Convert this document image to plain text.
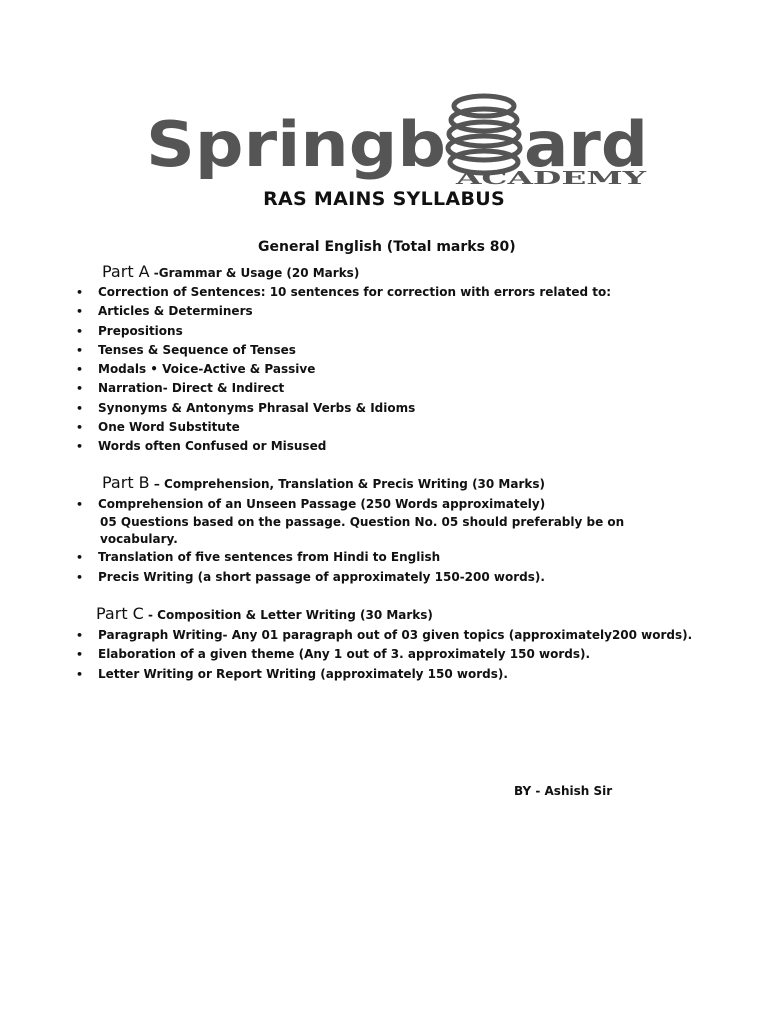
Springb ard
ACADEMY
RAS MAINS SYLLABUS
General English (Total marks 80)
Part A -Grammar & Usage (20 Marks)
• Correction of Sentences: 10 sentences for correction with errors related to:
• Articles & Determiners
• Prepositions
• Tenses & Sequence of Tenses
• Modals • Voice-Active & Passive
• Narration- Direct & Indirect
• Synonyms & Antonyms Phrasal Verbs & Idioms
• One Word Substitute
• Words often Confused or Misused
Part B – Comprehension, Translation & Precis Writing (30 Marks)
• Comprehension of an Unseen Passage (250 Words approximately)
05 Questions based on the passage. Question No. 05 should preferably be on
vocabulary.
• Translation of five sentences from Hindi to English
• Precis Writing (a short passage of approximately 150-200 words).
Part C - Composition & Letter Writing (30 Marks)
• Paragraph Writing- Any 01 paragraph out of 03 given topics (approximately200 words).
• Elaboration of a given theme (Any 1 out of 3. approximately 150 words).
• Letter Writing or Report Writing (approximately 150 words).
BY - Ashish Sir
